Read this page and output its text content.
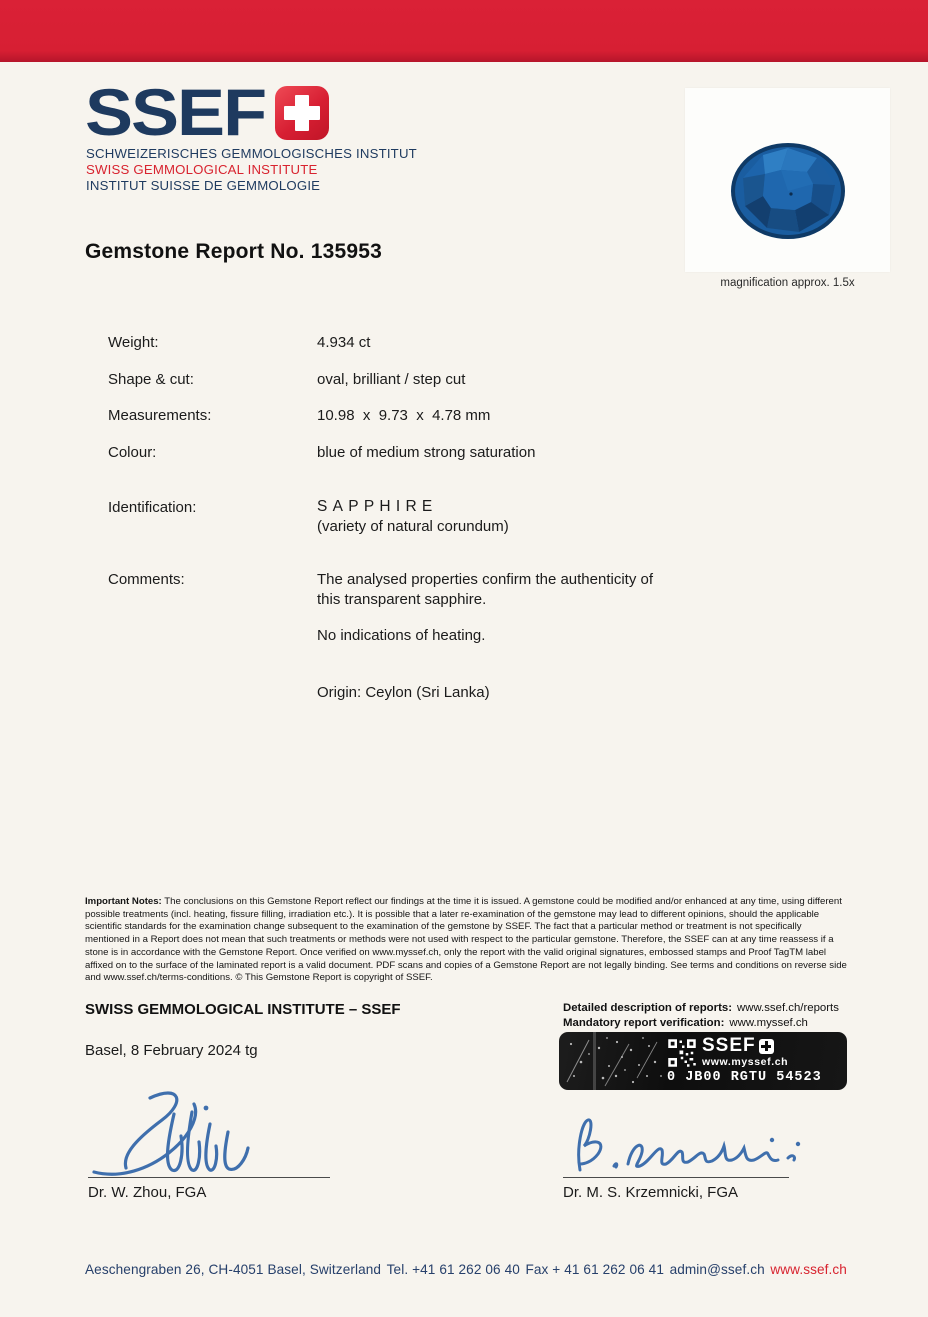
SSEF
SCHWEIZERISCHES GEMMOLOGISCHES INSTITUT
SWISS GEMMOLOGICAL INSTITUTE
INSTITUT SUISSE DE GEMMOLOGIE
magnification approx. 1.5x
Gemstone Report No. 135953
Weight:	4.934 ct
Shape & cut:	oval, brilliant / step cut
Measurements:	10.98  x  9.73  x  4.78 mm
Colour:	blue of medium strong saturation
Identification:	SAPPHIRE
(variety of natural corundum)
Comments:	The analysed properties confirm the authenticity of this transparent sapphire.
No indications of heating.
Origin: Ceylon (Sri Lanka)
Important Notes: The conclusions on this Gemstone Report reflect our findings at the time it is issued. A gemstone could be modified and/or enhanced at any time, using different
possible treatments (incl. heating, fissure filling, irradiation etc.). It is possible that a later re-examination of the gemstone may lead to different opinions, should the applicable
scientific standards for the examination change subsequent to the examination of the gemstone by SSEF. The fact that a particular method or treatment is not specifically
mentioned in a Report does not mean that such treatments or methods were not used with respect to the particular gemstone. Therefore, the SSEF can at any time reassess if a
stone is in accordance with the Gemstone Report. Once verified on www.myssef.ch, only the report with the valid original signatures, embossed stamps and Proof TagTM label
affixed on to the surface of the laminated report is a valid document. PDF scans and copies of a Gemstone Report are not legally binding. See terms and conditions on reverse side
and www.ssef.ch/terms-conditions. © This Gemstone Report is copyright of SSEF.
SWISS GEMMOLOGICAL INSTITUTE – SSEF	Detailed description of reports: www.ssef.ch/reports
Mandatory report verification: www.myssef.ch
Basel, 8 February 2024 tg	SSEF
www.myssef.ch
0 JB00 RGTU 54523
Dr. W. Zhou, FGA	Dr. M. S. Krzemnicki, FGA
Aeschengraben 26, CH-4051 Basel, Switzerland Tel. +41 61 262 06 40 Fax + 41 61 262 06 41 admin@ssef.ch www.ssef.ch
